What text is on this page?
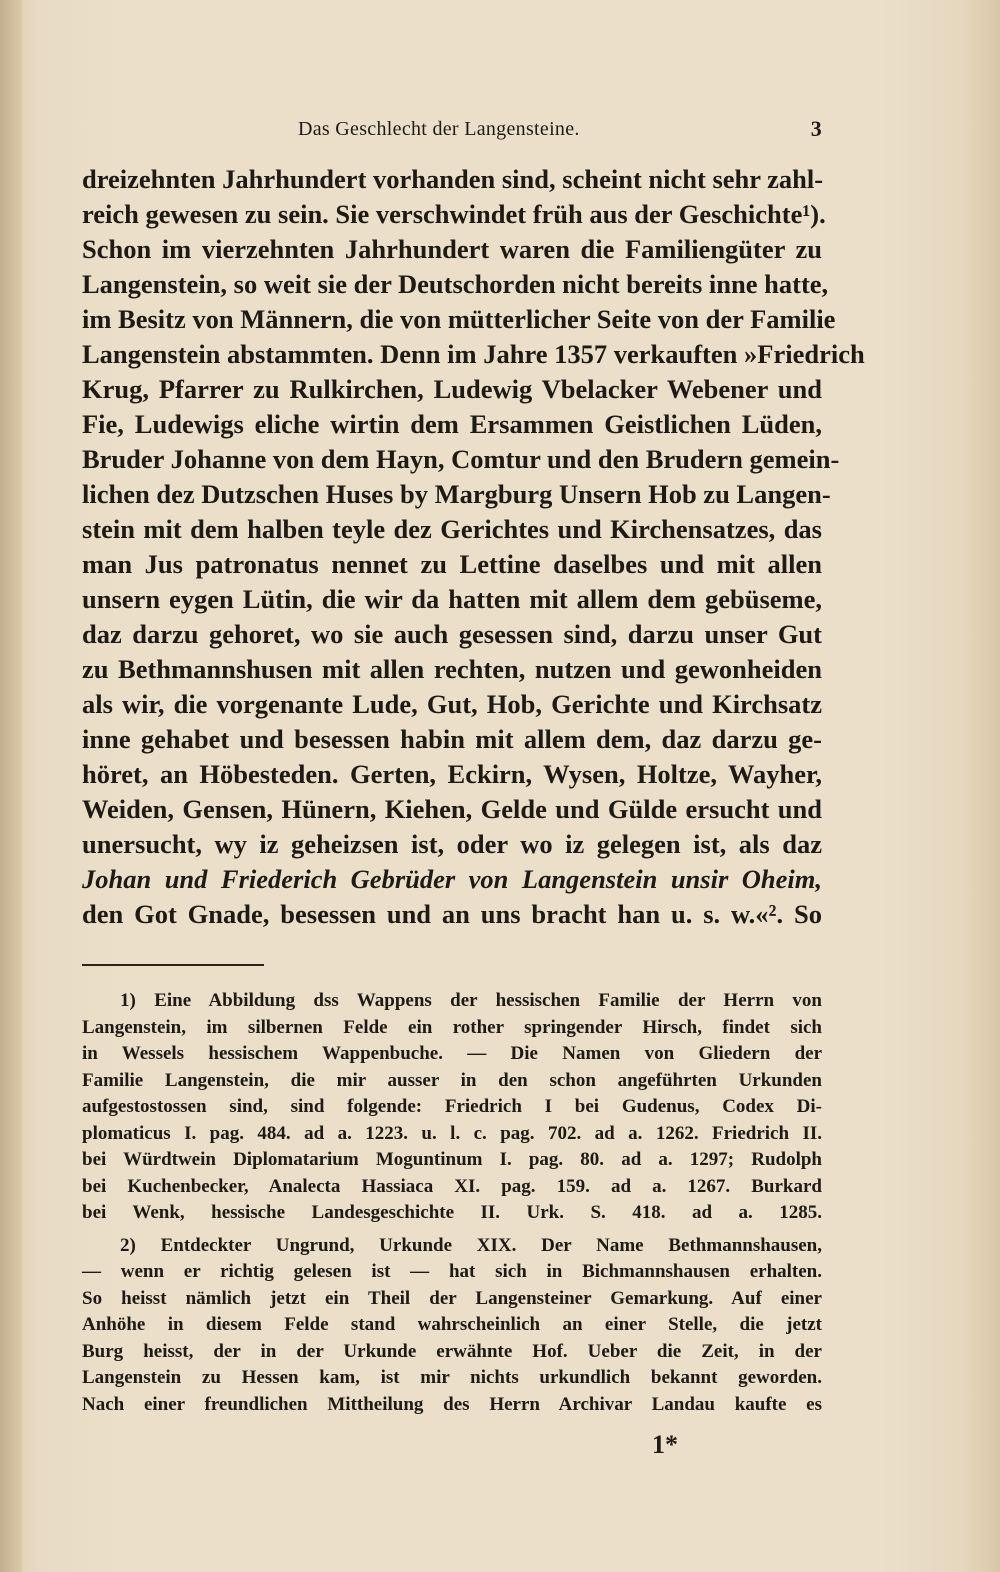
Das Geschlecht der Langensteine.	3
dreizehnten Jahrhundert vorhanden sind, scheint nicht sehr zahl-
reich gewesen zu sein. Sie verschwindet früh aus der Geschichte¹).
Schon im vierzehnten Jahrhundert waren die Familiengüter zu
Langenstein, so weit sie der Deutschorden nicht bereits inne hatte,
im Besitz von Männern, die von mütterlicher Seite von der Familie
Langenstein abstammten. Denn im Jahre 1357 verkauften »Friedrich
Krug, Pfarrer zu Rulkirchen, Ludewig Vbelacker Webener und
Fie, Ludewigs eliche wirtin dem Ersammen Geistlichen Lüden,
Bruder Johanne von dem Hayn, Comtur und den Brudern gemein-
lichen dez Dutzschen Huses by Margburg Unsern Hob zu Langen-
stein mit dem halben teyle dez Gerichtes und Kirchensatzes, das
man Jus patronatus nennet zu Lettine daselbes und mit allen
unsern eygen Lütin, die wir da hatten mit allem dem gebüseme,
daz darzu gehoret, wo sie auch gesessen sind, darzu unser Gut
zu Bethmannshusen mit allen rechten, nutzen und gewonheiden
als wir, die vorgenante Lude, Gut, Hob, Gerichte und Kirchsatz
inne gehabet und besessen habin mit allem dem, daz darzu ge-
höret, an Höbesteden. Gerten, Eckirn, Wysen, Holtze, Wayher,
Weiden, Gensen, Hünern, Kiehen, Gelde und Gülde ersucht und
unersucht, wy iz geheizsen ist, oder wo iz gelegen ist, als daz
Johan und Friederich Gebrüder von Langenstein unsir Oheim,
den Got Gnade, besessen und an uns bracht han u. s. w.«². So
1) Eine Abbildung dss Wappens der hessischen Familie der Herrn von
Langenstein, im silbernen Felde ein rother springender Hirsch, findet sich
in Wessels hessischem Wappenbuche. — Die Namen von Gliedern der
Familie Langenstein, die mir ausser in den schon angeführten Urkunden
aufgestostossen sind, sind folgende: Friedrich I bei Gudenus, Codex Di-
plomaticus I. pag. 484. ad a. 1223. u. l. c. pag. 702. ad a. 1262. Friedrich II.
bei Würdtwein Diplomatarium Moguntinum I. pag. 80. ad a. 1297; Rudolph
bei Kuchenbecker, Analecta Hassiaca XI. pag. 159. ad a. 1267. Burkard
bei Wenk, hessische Landesgeschichte II. Urk. S. 418. ad a. 1285.
2) Entdeckter Ungrund, Urkunde XIX. Der Name Bethmannshausen,
— wenn er richtig gelesen ist — hat sich in Bichmannshausen erhalten.
So heisst nämlich jetzt ein Theil der Langensteiner Gemarkung. Auf einer
Anhöhe in diesem Felde stand wahrscheinlich an einer Stelle, die jetzt
Burg heisst, der in der Urkunde erwähnte Hof. Ueber die Zeit, in der
Langenstein zu Hessen kam, ist mir nichts urkundlich bekannt geworden.
Nach einer freundlichen Mittheilung des Herrn Archivar Landau kaufte es
1*
